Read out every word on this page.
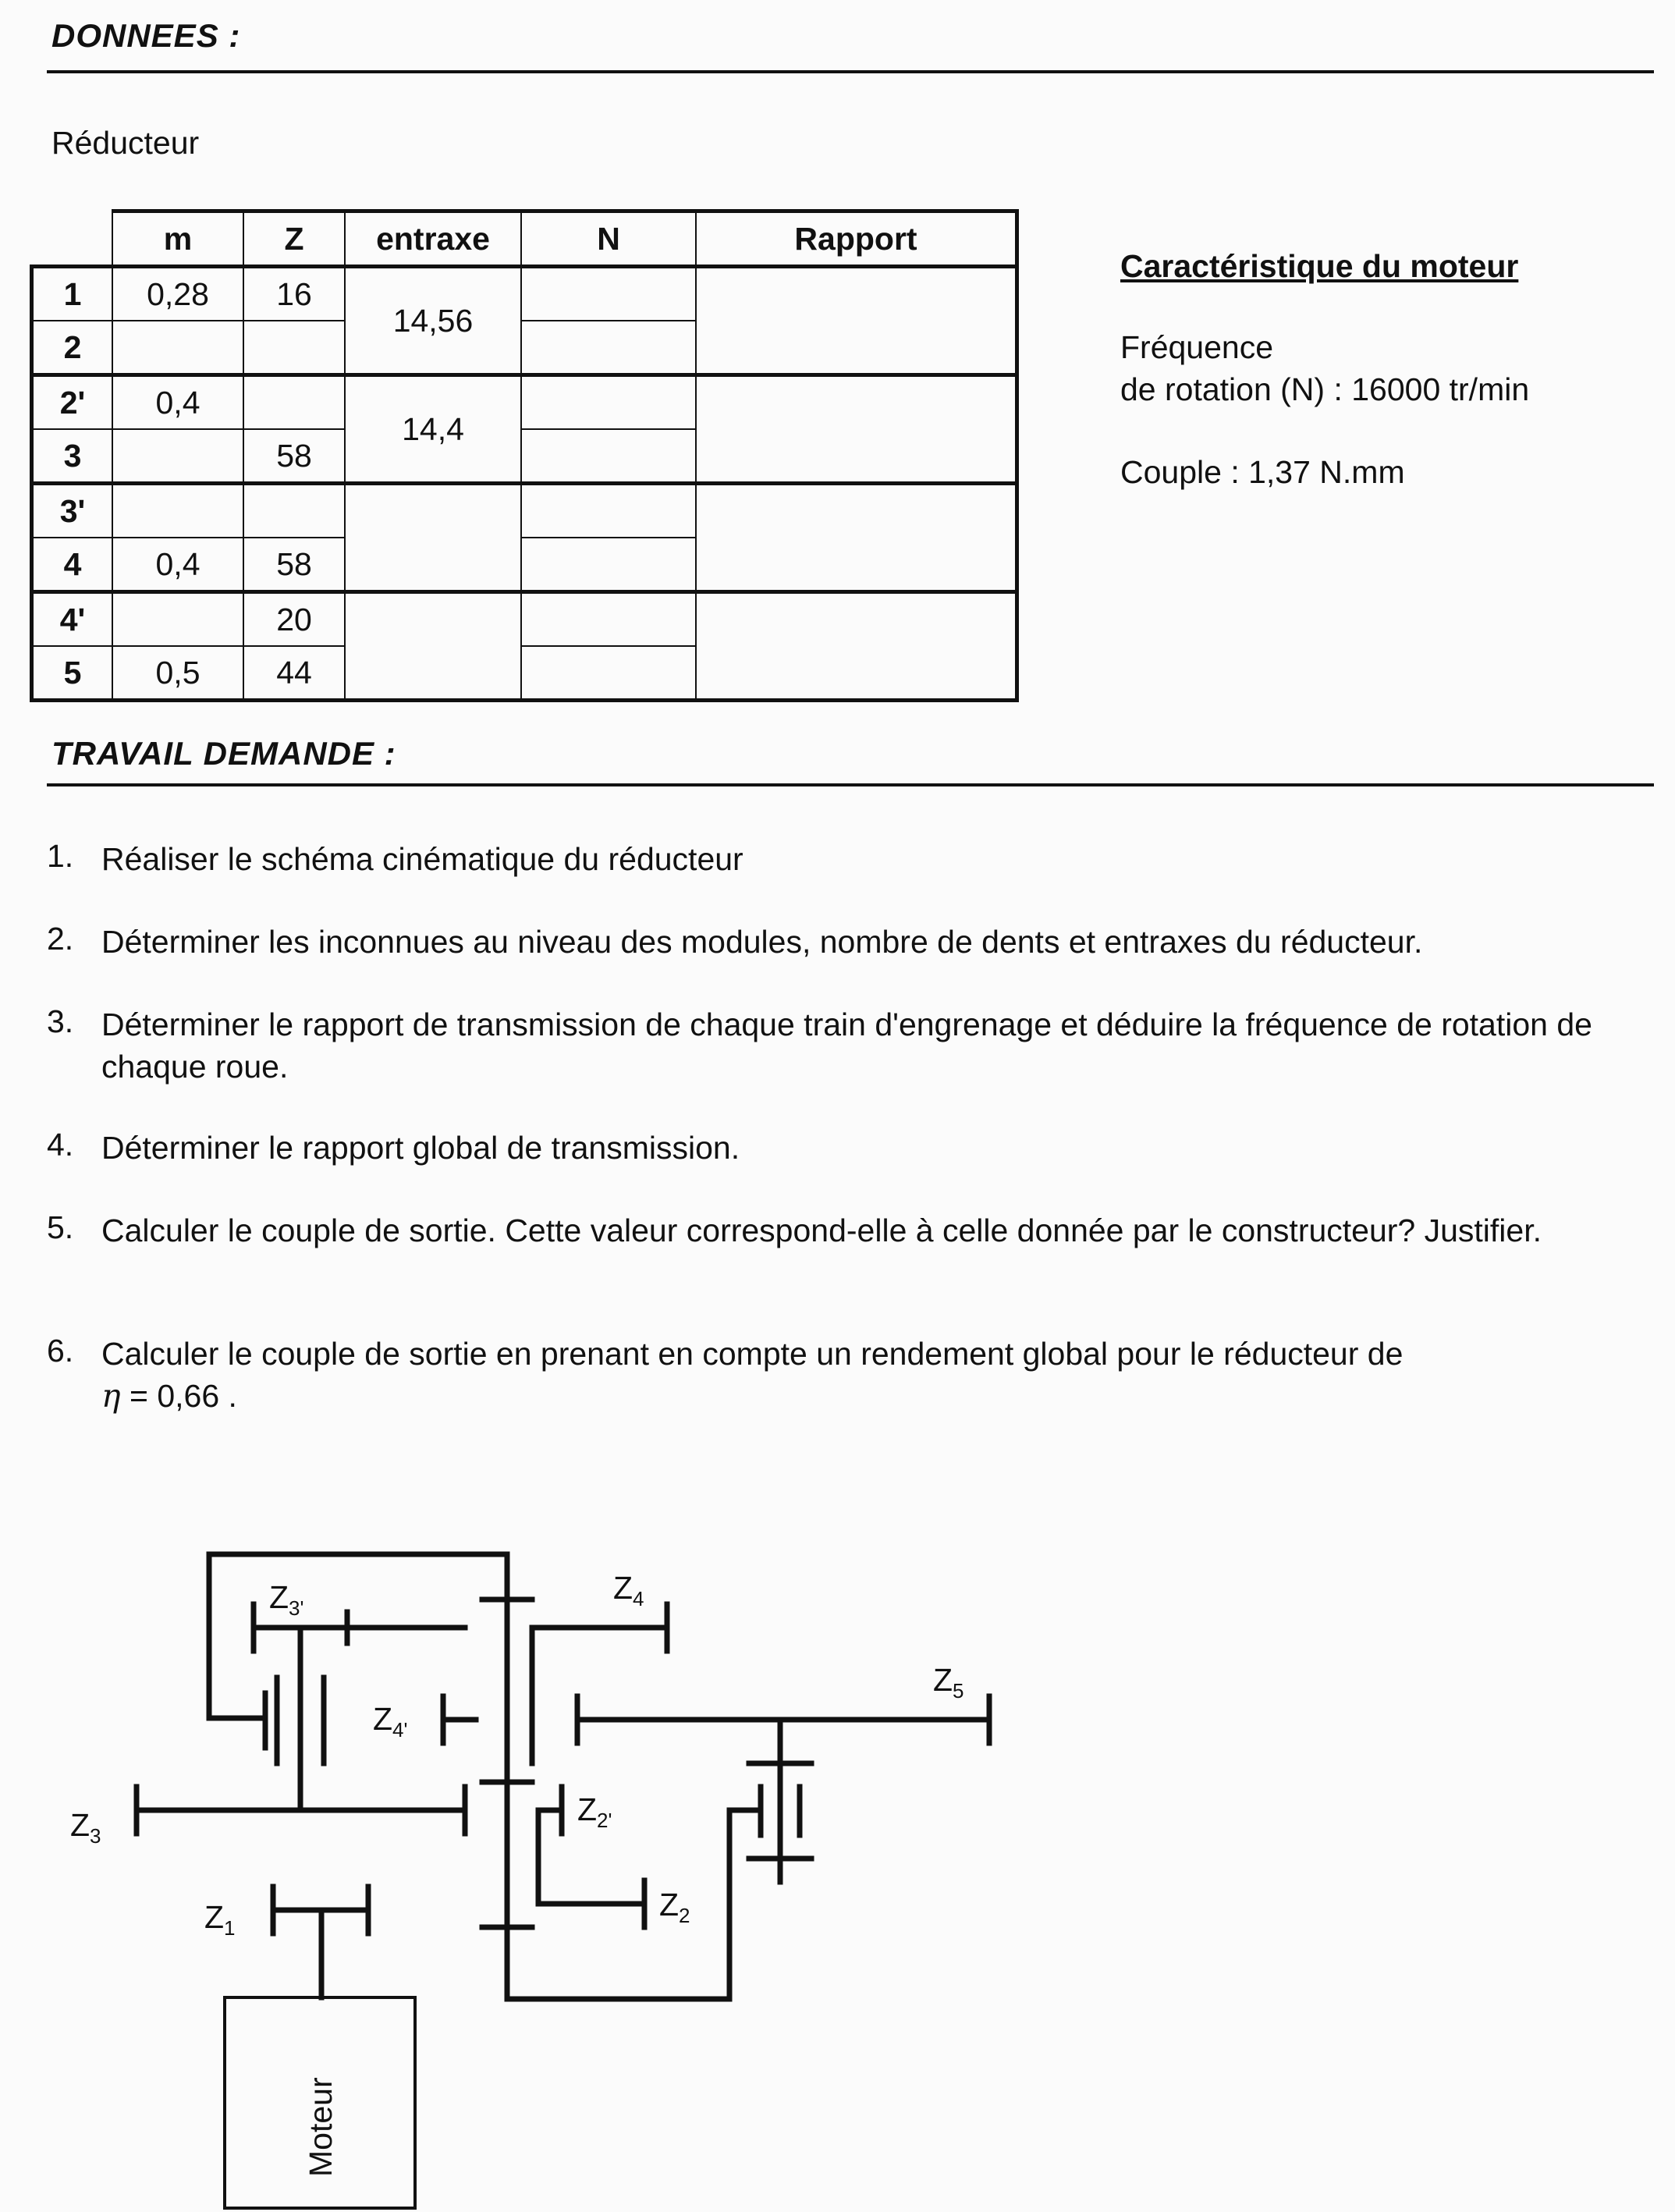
DONNEES :
Réducteur
	m	Z	entraxe	N	Rapport
1	0,28	16	14,56		
2					
2'	0,4		14,4		
3		58			
3'					
4	0,4	58			
4'		20			
5	0,5	44			
Caractéristique du moteur
Fréquence
de rotation (N) : 16000 tr/min
Couple : 1,37 N.mm
TRAVAIL DEMANDE :
1. Réaliser le schéma cinématique du réducteur
2. Déterminer les inconnues au niveau des modules, nombre de dents et entraxes du réducteur.
3. Déterminer le rapport de transmission de chaque train d'engrenage et déduire la fréquence de rotation de chaque roue.
4. Déterminer le rapport global de transmission.
5. Calculer le couple de sortie. Cette valeur correspond-elle à celle donnée par le constructeur? Justifier.
6. Calculer le couple de sortie en prenant en compte un rendement global pour le réducteur de
η = 0,66 .
Moteur
$Z_1$
$Z_2$
$Z_{2'}$
$Z_3$
$Z_{3'}$
$Z_4$
$Z_{4'}$
$Z_5$
